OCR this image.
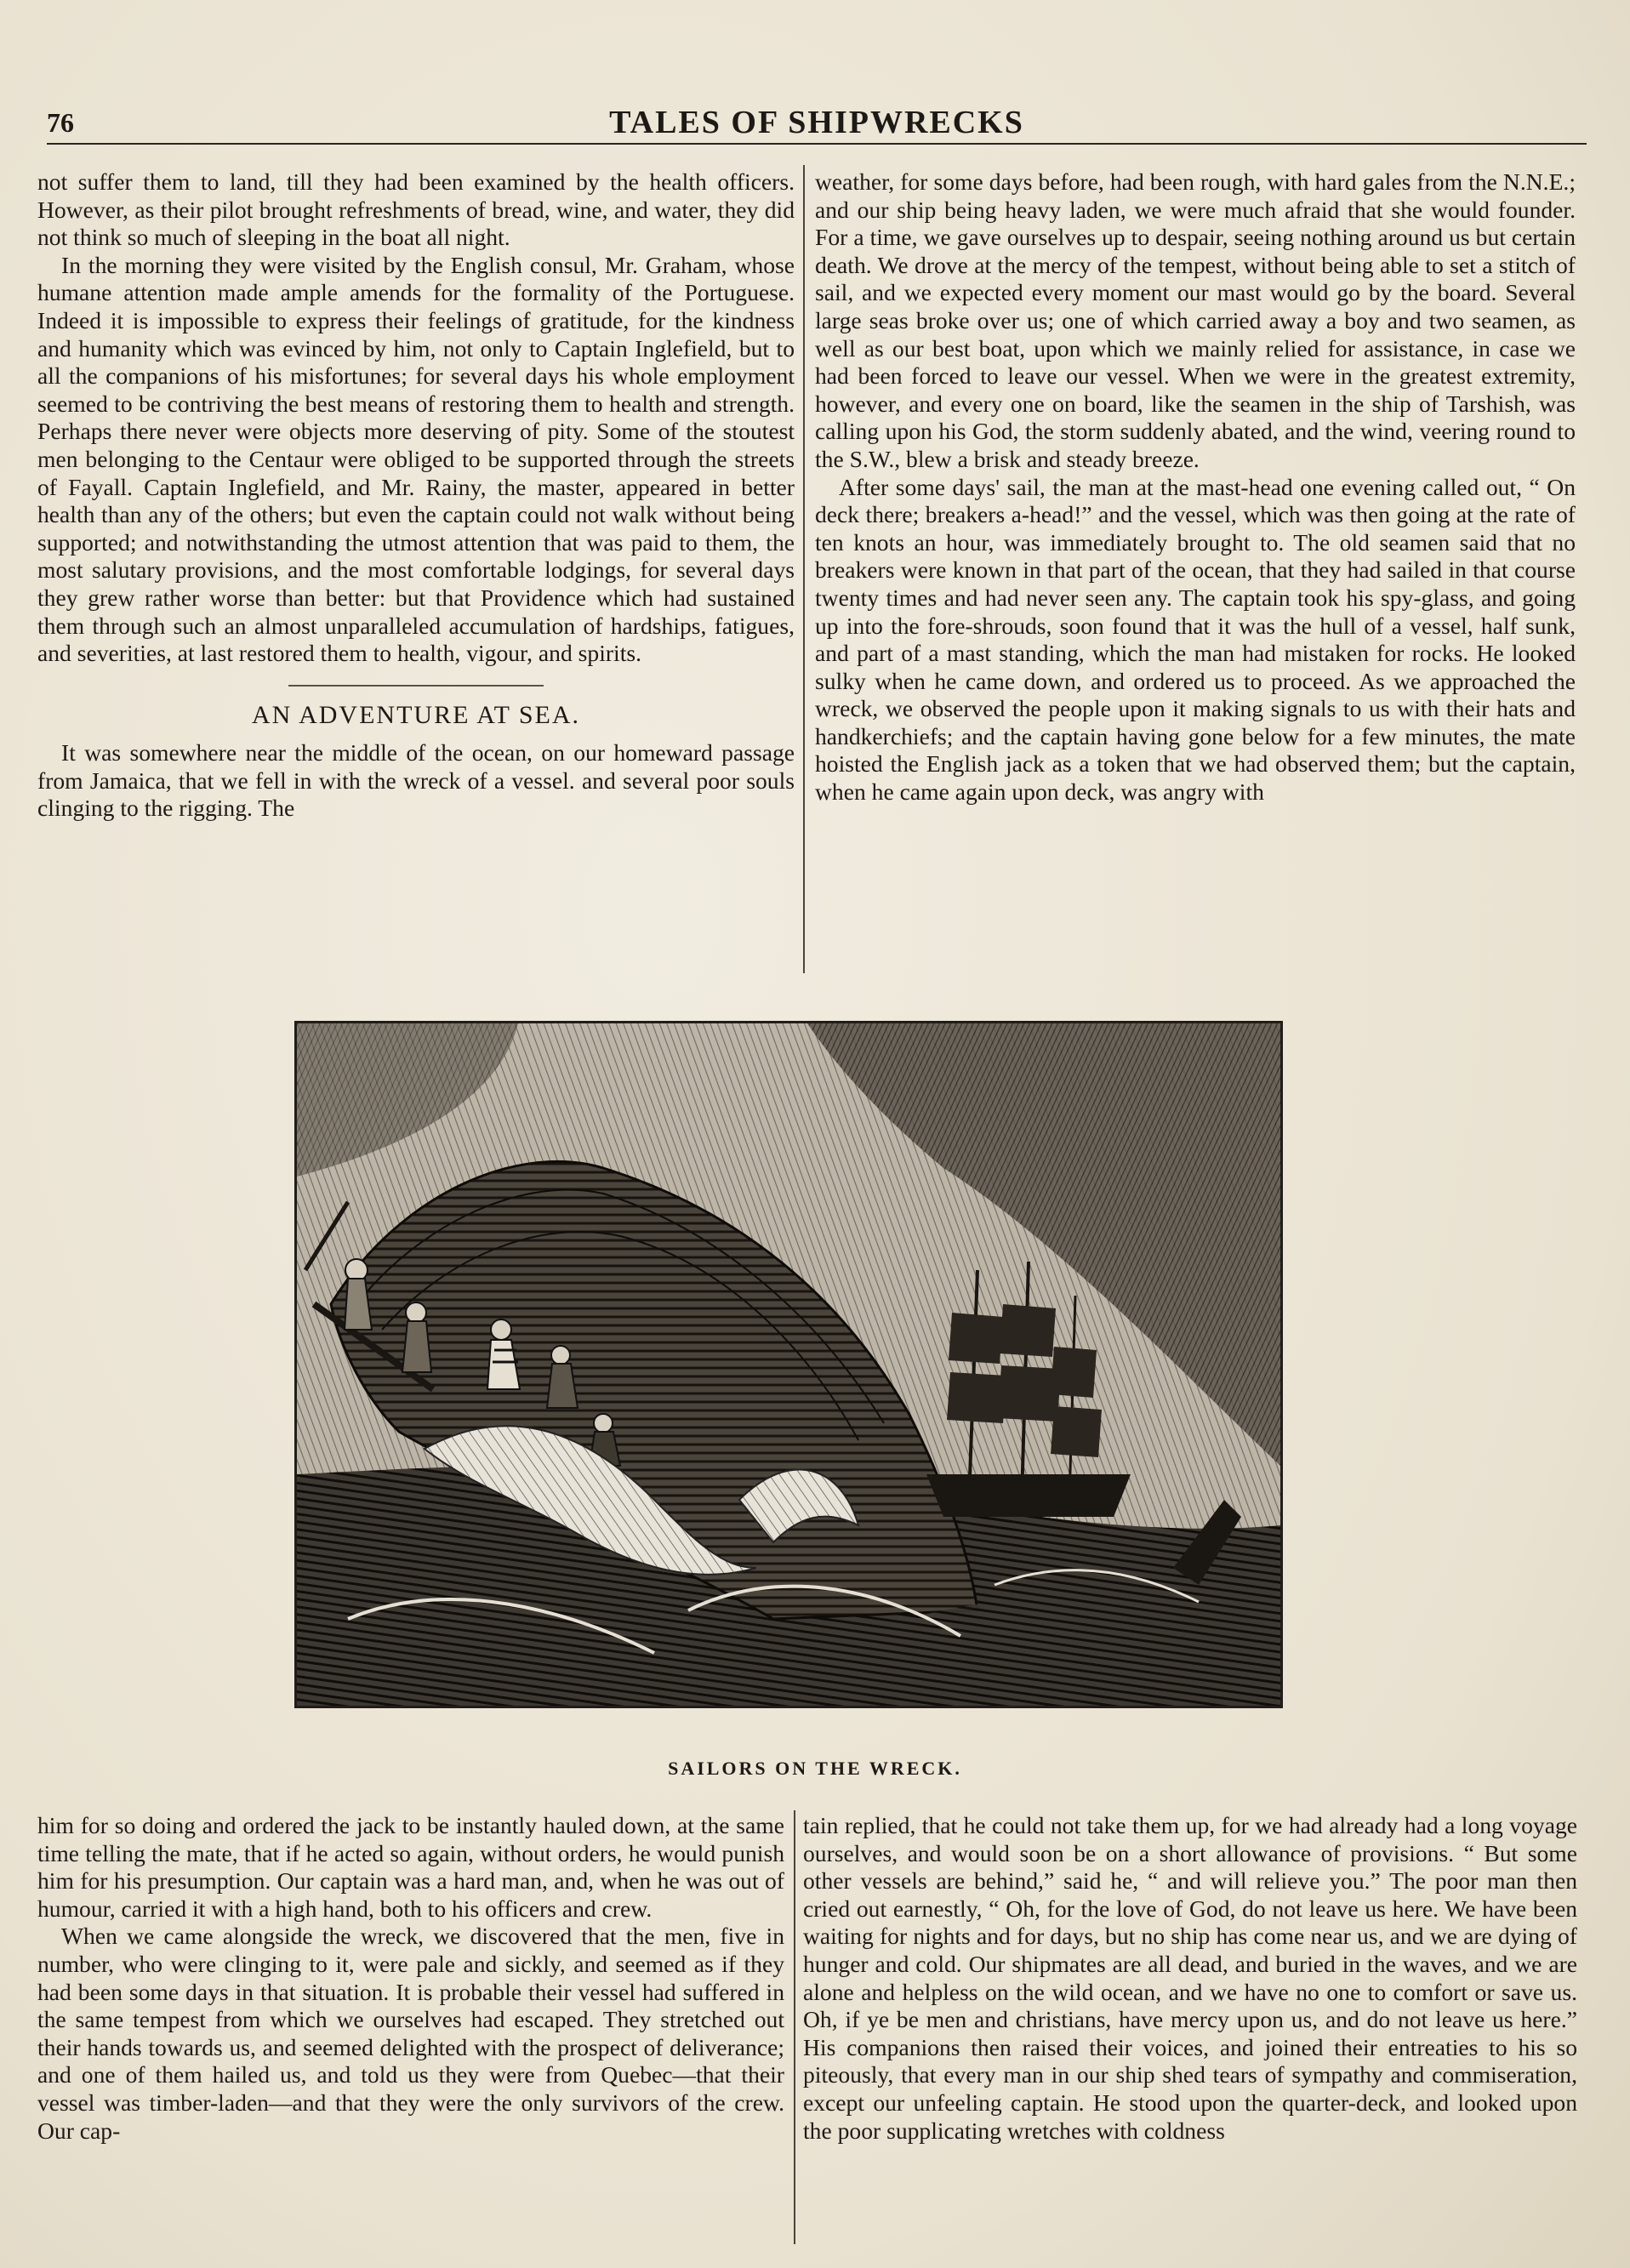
76	TALES OF SHIPWRECKS

not suffer them to land, till they had been examined by the health officers. However, as their pilot brought refreshments of bread, wine, and water, they did not think so much of sleeping in the boat all night.

In the morning they were visited by the English consul, Mr. Graham, whose humane attention made ample amends for the formality of the Portuguese. Indeed it is impossible to express their feelings of gratitude, for the kindness and humanity which was evinced by him, not only to Captain Inglefield, but to all the companions of his misfortunes; for several days his whole employment seemed to be contriving the best means of restoring them to health and strength. Perhaps there never were objects more deserving of pity. Some of the stoutest men belonging to the Centaur were obliged to be supported through the streets of Fayall. Captain Inglefield, and Mr. Rainy, the master, appeared in better health than any of the others; but even the captain could not walk without being supported; and notwithstanding the utmost attention that was paid to them, the most salutary provisions, and the most comfortable lodgings, for several days they grew rather worse than better: but that Providence which had sustained them through such an almost unparalleled accumulation of hardships, fatigues, and severities, at last restored them to health, vigour, and spirits.

AN ADVENTURE AT SEA.

It was somewhere near the middle of the ocean, on our homeward passage from Jamaica, that we fell in with the wreck of a vessel. and several poor souls clinging to the rigging. The

weather, for some days before, had been rough, with hard gales from the N.N.E.; and our ship being heavy laden, we were much afraid that she would founder. For a time, we gave ourselves up to despair, seeing nothing around us but certain death. We drove at the mercy of the tempest, without being able to set a stitch of sail, and we expected every moment our mast would go by the board. Several large seas broke over us; one of which carried away a boy and two seamen, as well as our best boat, upon which we mainly relied for assistance, in case we had been forced to leave our vessel. When we were in the greatest extremity, however, and every one on board, like the seamen in the ship of Tarshish, was calling upon his God, the storm suddenly abated, and the wind, veering round to the S.W., blew a brisk and steady breeze.

After some days' sail, the man at the mast-head one evening called out, “ On deck there; breakers a-head!” and the vessel, which was then going at the rate of ten knots an hour, was immediately brought to. The old seamen said that no breakers were known in that part of the ocean, that they had sailed in that course twenty times and had never seen any. The captain took his spy-glass, and going up into the fore-shrouds, soon found that it was the hull of a vessel, half sunk, and part of a mast standing, which the man had mistaken for rocks. He looked sulky when he came down, and ordered us to proceed. As we approached the wreck, we observed the people upon it making signals to us with their hats and handkerchiefs; and the captain having gone below for a few minutes, the mate hoisted the English jack as a token that we had observed them; but the captain, when he came again upon deck, was angry with

SAILORS ON THE WRECK.

him for so doing and ordered the jack to be instantly hauled down, at the same time telling the mate, that if he acted so again, without orders, he would punish him for his presumption. Our captain was a hard man, and, when he was out of humour, carried it with a high hand, both to his officers and crew.

When we came alongside the wreck, we discovered that the men, five in number, who were clinging to it, were pale and sickly, and seemed as if they had been some days in that situation. It is probable their vessel had suffered in the same tempest from which we ourselves had escaped. They stretched out their hands towards us, and seemed delighted with the prospect of deliverance; and one of them hailed us, and told us they were from Quebec—that their vessel was timber-laden—and that they were the only survivors of the crew. Our cap-

tain replied, that he could not take them up, for we had already had a long voyage ourselves, and would soon be on a short allowance of provisions. “ But some other vessels are behind,” said he, “ and will relieve you.” The poor man then cried out earnestly, “ Oh, for the love of God, do not leave us here. We have been waiting for nights and for days, but no ship has come near us, and we are dying of hunger and cold. Our shipmates are all dead, and buried in the waves, and we are alone and helpless on the wild ocean, and we have no one to comfort or save us. Oh, if ye be men and christians, have mercy upon us, and do not leave us here.” His companions then raised their voices, and joined their entreaties to his so piteously, that every man in our ship shed tears of sympathy and commiseration, except our unfeeling captain. He stood upon the quarter-deck, and looked upon the poor supplicating wretches with coldness
